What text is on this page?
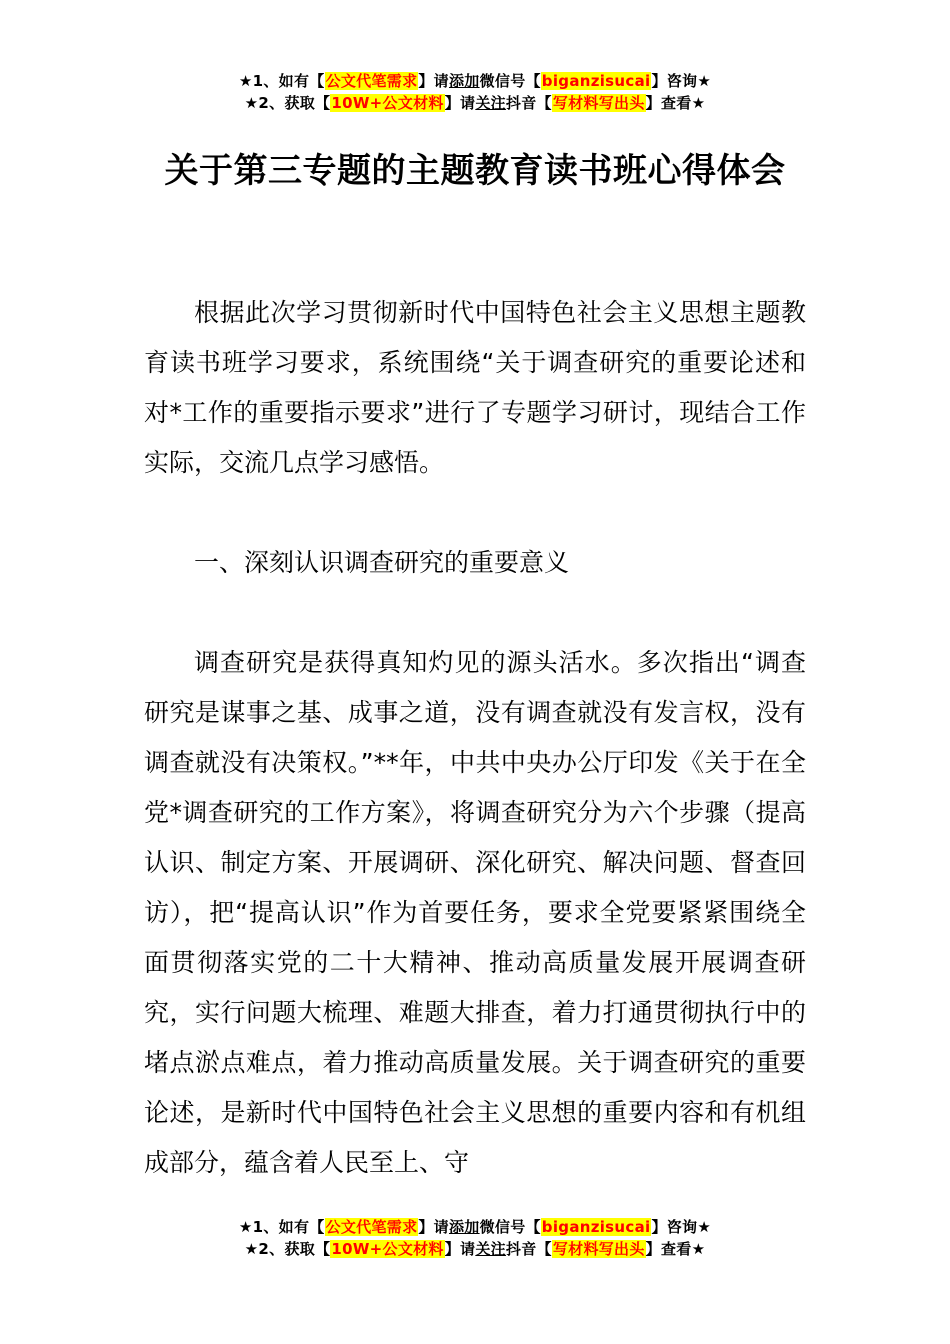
★1、如有【公文代笔需求】请添加微信号【biganzisucai】咨询★
★2、获取【10W+公文材料】请关注抖音【写材料写出头】查看★
关于第三专题的主题教育读书班心得体会

根据此次学习贯彻新时代中国特色社会主义思想主题教育读书班学习要求，系统围绕“关于调查研究的重要论述和对*工作的重要指示要求”进行了专题学习研讨，现结合工作实际，交流几点学习感悟。

一、深刻认识调查研究的重要意义

调查研究是获得真知灼见的源头活水。多次指出“调查研究是谋事之基、成事之道，没有调查就没有发言权，没有调查就没有决策权。”**年，中共中央办公厅印发《关于在全党*调查研究的工作方案》，将调查研究分为六个步骤（提高认识、制定方案、开展调研、深化研究、解决问题、督查回访），把“提高认识”作为首要任务，要求全党要紧紧围绕全面贯彻落实党的二十大精神、推动高质量发展开展调查研究，实行问题大梳理、难题大排查，着力打通贯彻执行中的堵点淤点难点，着力推动高质量发展。关于调查研究的重要论述，是新时代中国特色社会主义思想的重要内容和有机组成部分，蕴含着人民至上、守

★1、如有【公文代笔需求】请添加微信号【biganzisucai】咨询★
★2、获取【10W+公文材料】请关注抖音【写材料写出头】查看★
